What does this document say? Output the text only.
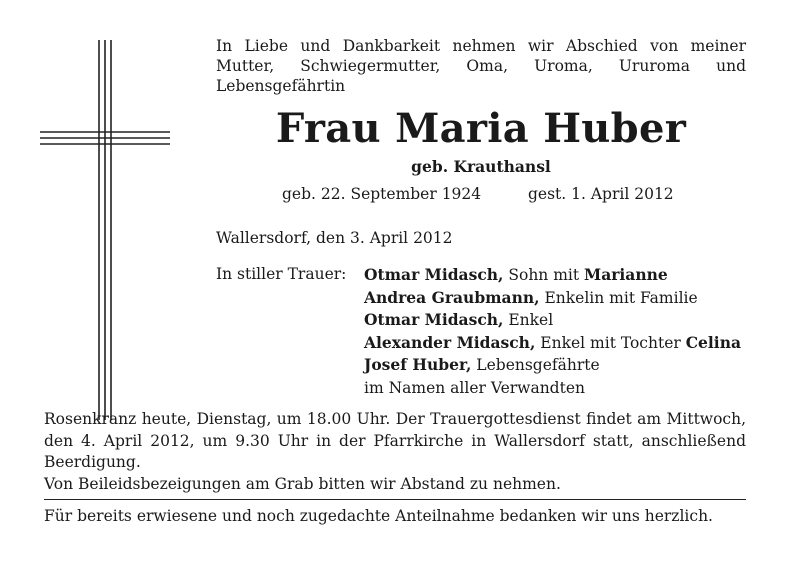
In Liebe und Dankbarkeit nehmen wir Abschied von meiner Mutter, Schwiegermutter, Oma, Uroma, Ururoma und Lebensgefährtin
Frau Maria Huber
geb. Krauthansl
geb. 22. September 1924	gest. 1. April 2012
Wallersdorf, den 3. April 2012
In stiller Trauer: Otmar Midasch, Sohn mit Marianne
Andrea Graubmann, Enkelin mit Familie
Otmar Midasch, Enkel
Alexander Midasch, Enkel mit Tochter Celina
Josef Huber, Lebensgefährte
im Namen aller Verwandten

Rosenkranz heute, Dienstag, um 18.00 Uhr. Der Trauergottesdienst findet am Mittwoch, den 4. April 2012, um 9.30 Uhr in der Pfarrkirche in Wallersdorf statt, anschließend Beerdigung.

Von Beileidsbezeigungen am Grab bitten wir Abstand zu nehmen.

Für bereits erwiesene und noch zugedachte Anteilnahme bedanken wir uns herzlich.
